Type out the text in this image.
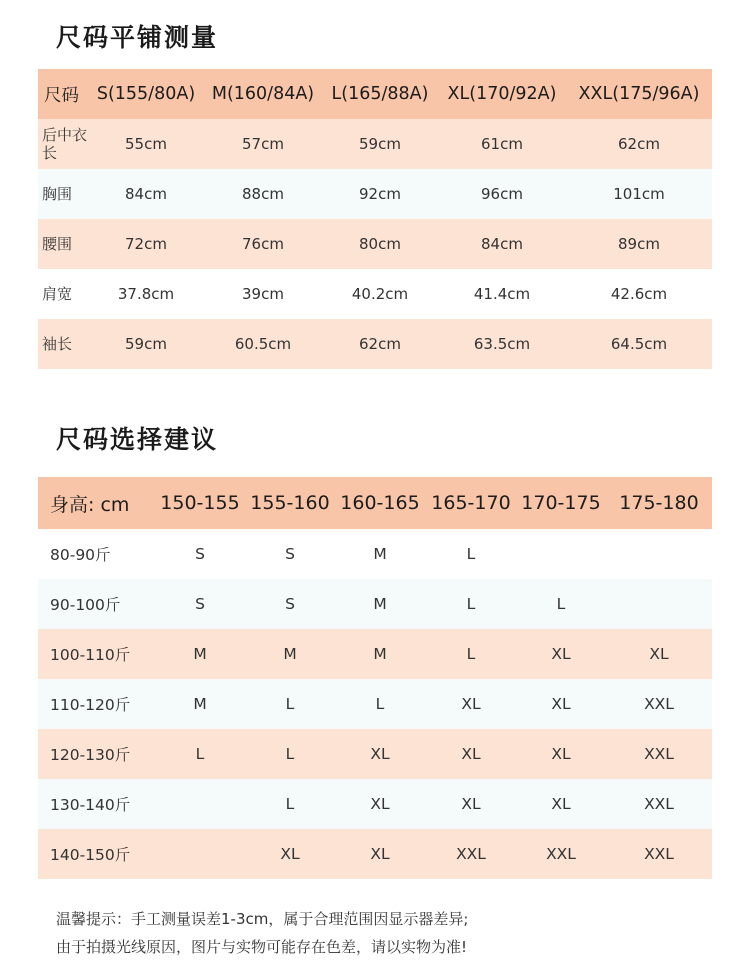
尺码平铺测量
尺码	S(155/80A)	M(160/84A)	L(165/88A)	XL(170/92A)	XXL(175/96A)
后中衣长	55cm	57cm	59cm	61cm	62cm
胸围	84cm	88cm	92cm	96cm	101cm
腰围	72cm	76cm	80cm	84cm	89cm
肩宽	37.8cm	39cm	40.2cm	41.4cm	42.6cm
袖长	59cm	60.5cm	62cm	63.5cm	64.5cm
尺码选择建议
身高: cm	150-155	155-160	160-165	165-170	170-175	175-180
80-90斤	S	S	M	L		
90-100斤	S	S	M	L	L	
100-110斤	M	M	M	L	XL	XL
110-120斤	M	L	L	XL	XL	XXL
120-130斤	L	L	XL	XL	XL	XXL
130-140斤		L	XL	XL	XL	XXL
140-150斤		XL	XL	XXL	XXL	XXL
温馨提示：手工测量误差1-3cm，属于合理范围因显示器差异;
由于拍摄光线原因，图片与实物可能存在色差，请以实物为准!
